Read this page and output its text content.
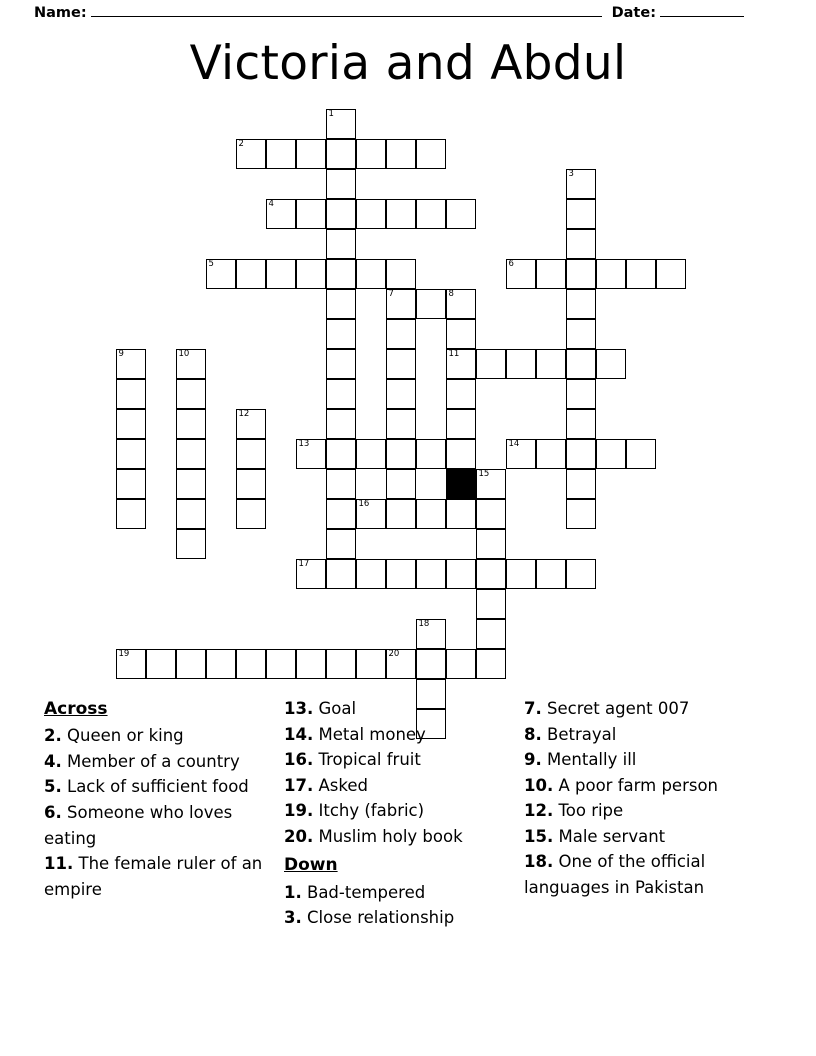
Name:	Date:
Victoria and Abdul
1
2
3
4
5	6
7	8
9	10	11
12
13	14
15
16
17
18
19	20
Across
2. Queen or king
4. Member of a country
5. Lack of sufficient food
6. Someone who loves eating
11. The female ruler of an empire
13. Goal
14. Metal money
16. Tropical fruit
17. Asked
19. Itchy (fabric)
20. Muslim holy book
Down
1. Bad-tempered
3. Close relationship
7. Secret agent 007
8. Betrayal
9. Mentally ill
10. A poor farm person
12. Too ripe
15. Male servant
18. One of the official languages in Pakistan
